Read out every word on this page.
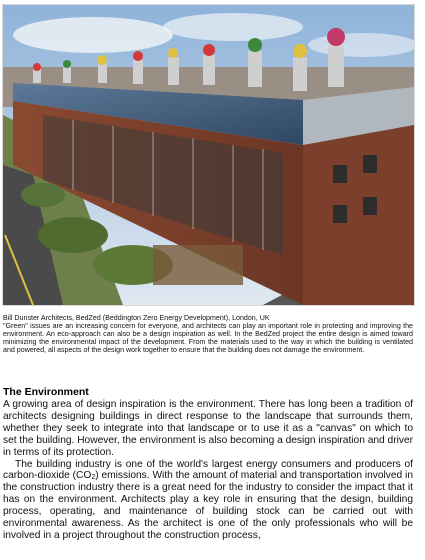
Bill Dunster Architects, BedZed (Beddington Zero Energy Development), London, UK

"Green" issues are an increasing concern for everyone, and architects can play an important role in protecting and improving the environment. An eco-approach can also be a design inspiration as well. In the BedZed project the entire design is aimed toward minimizing the environmental impact of the development. From the materials used to the way in which the building is ventilated and powered, all aspects of the design work together to ensure that the building does not damage the environment.

The Environment

A growing area of design inspiration is the environment. There has long been a tradition of architects designing buildings in direct response to the landscape that surrounds them, whether they seek to integrate into that landscape or to use it as a "canvas" on which to set the building. However, the environment is also becoming a design inspiration and driver in terms of its protection.

The building industry is one of the world's largest energy consumers and producers of carbon-dioxide $(CO_2)$ emissions. With the amount of material and transportation involved in the construction industry there is a great need for the industry to consider the impact that it has on the environment. Architects play a key role in ensuring that the design, building process, operating, and maintenance of building stock can be carried out with environmental awareness. As the architect is one of the only professionals who will be involved in a project throughout the construction process,
